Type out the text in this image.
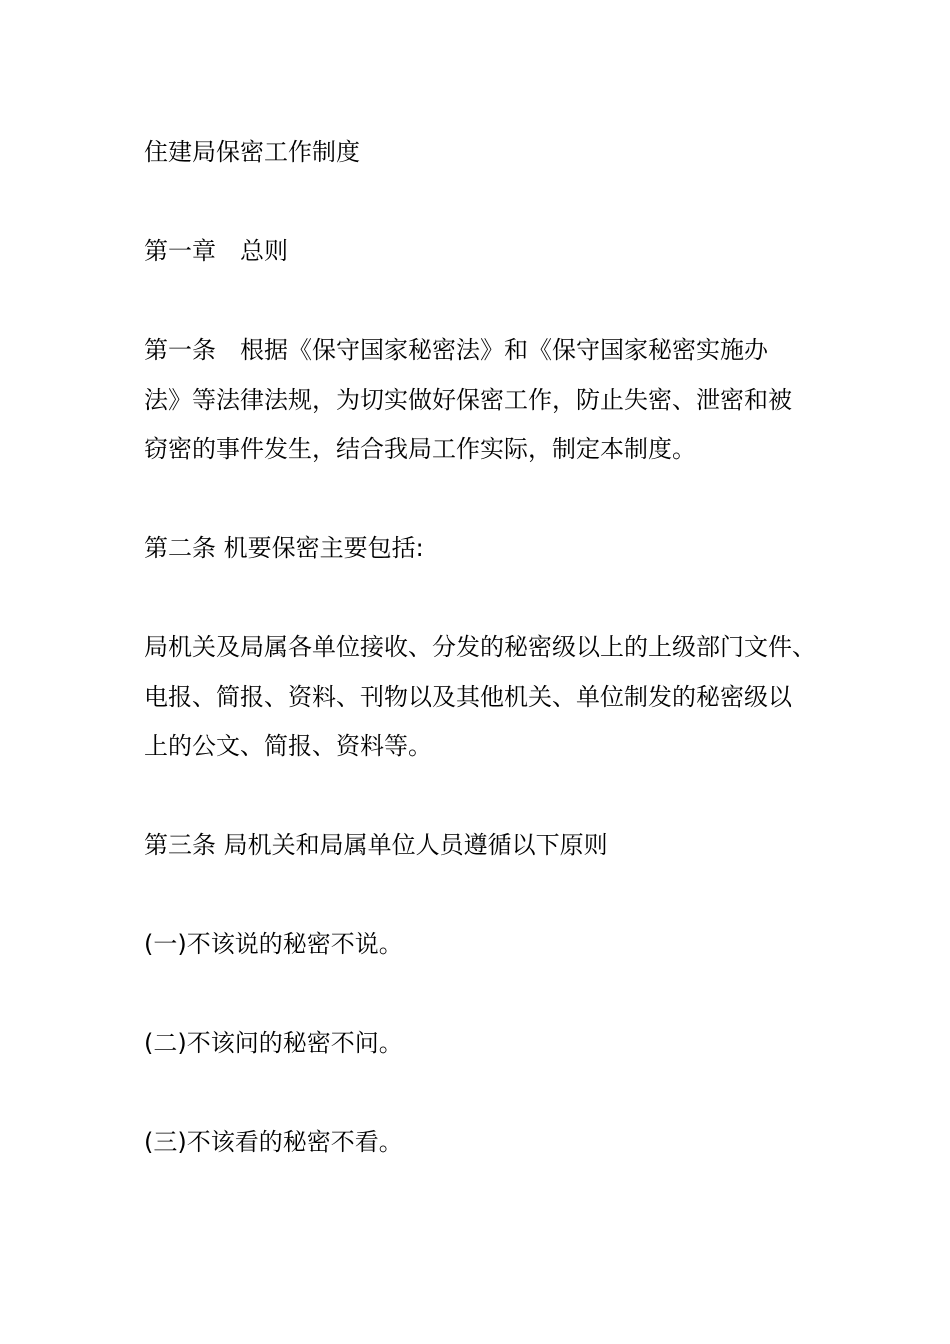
住建局保密工作制度

第一章 总则

第一条 根据《保守国家秘密法》和《保守国家秘密实施办
法》等法律法规，为切实做好保密工作，防止失密、泄密和被
窃密的事件发生，结合我局工作实际，制定本制度。

第二条 机要保密主要包括:

局机关及局属各单位接收、分发的秘密级以上的上级部门文件、
电报、简报、资料、刊物以及其他机关、单位制发的秘密级以
上的公文、简报、资料等。

第三条 局机关和局属单位人员遵循以下原则

(一)不该说的秘密不说。

(二)不该问的秘密不问。

(三)不该看的秘密不看。
